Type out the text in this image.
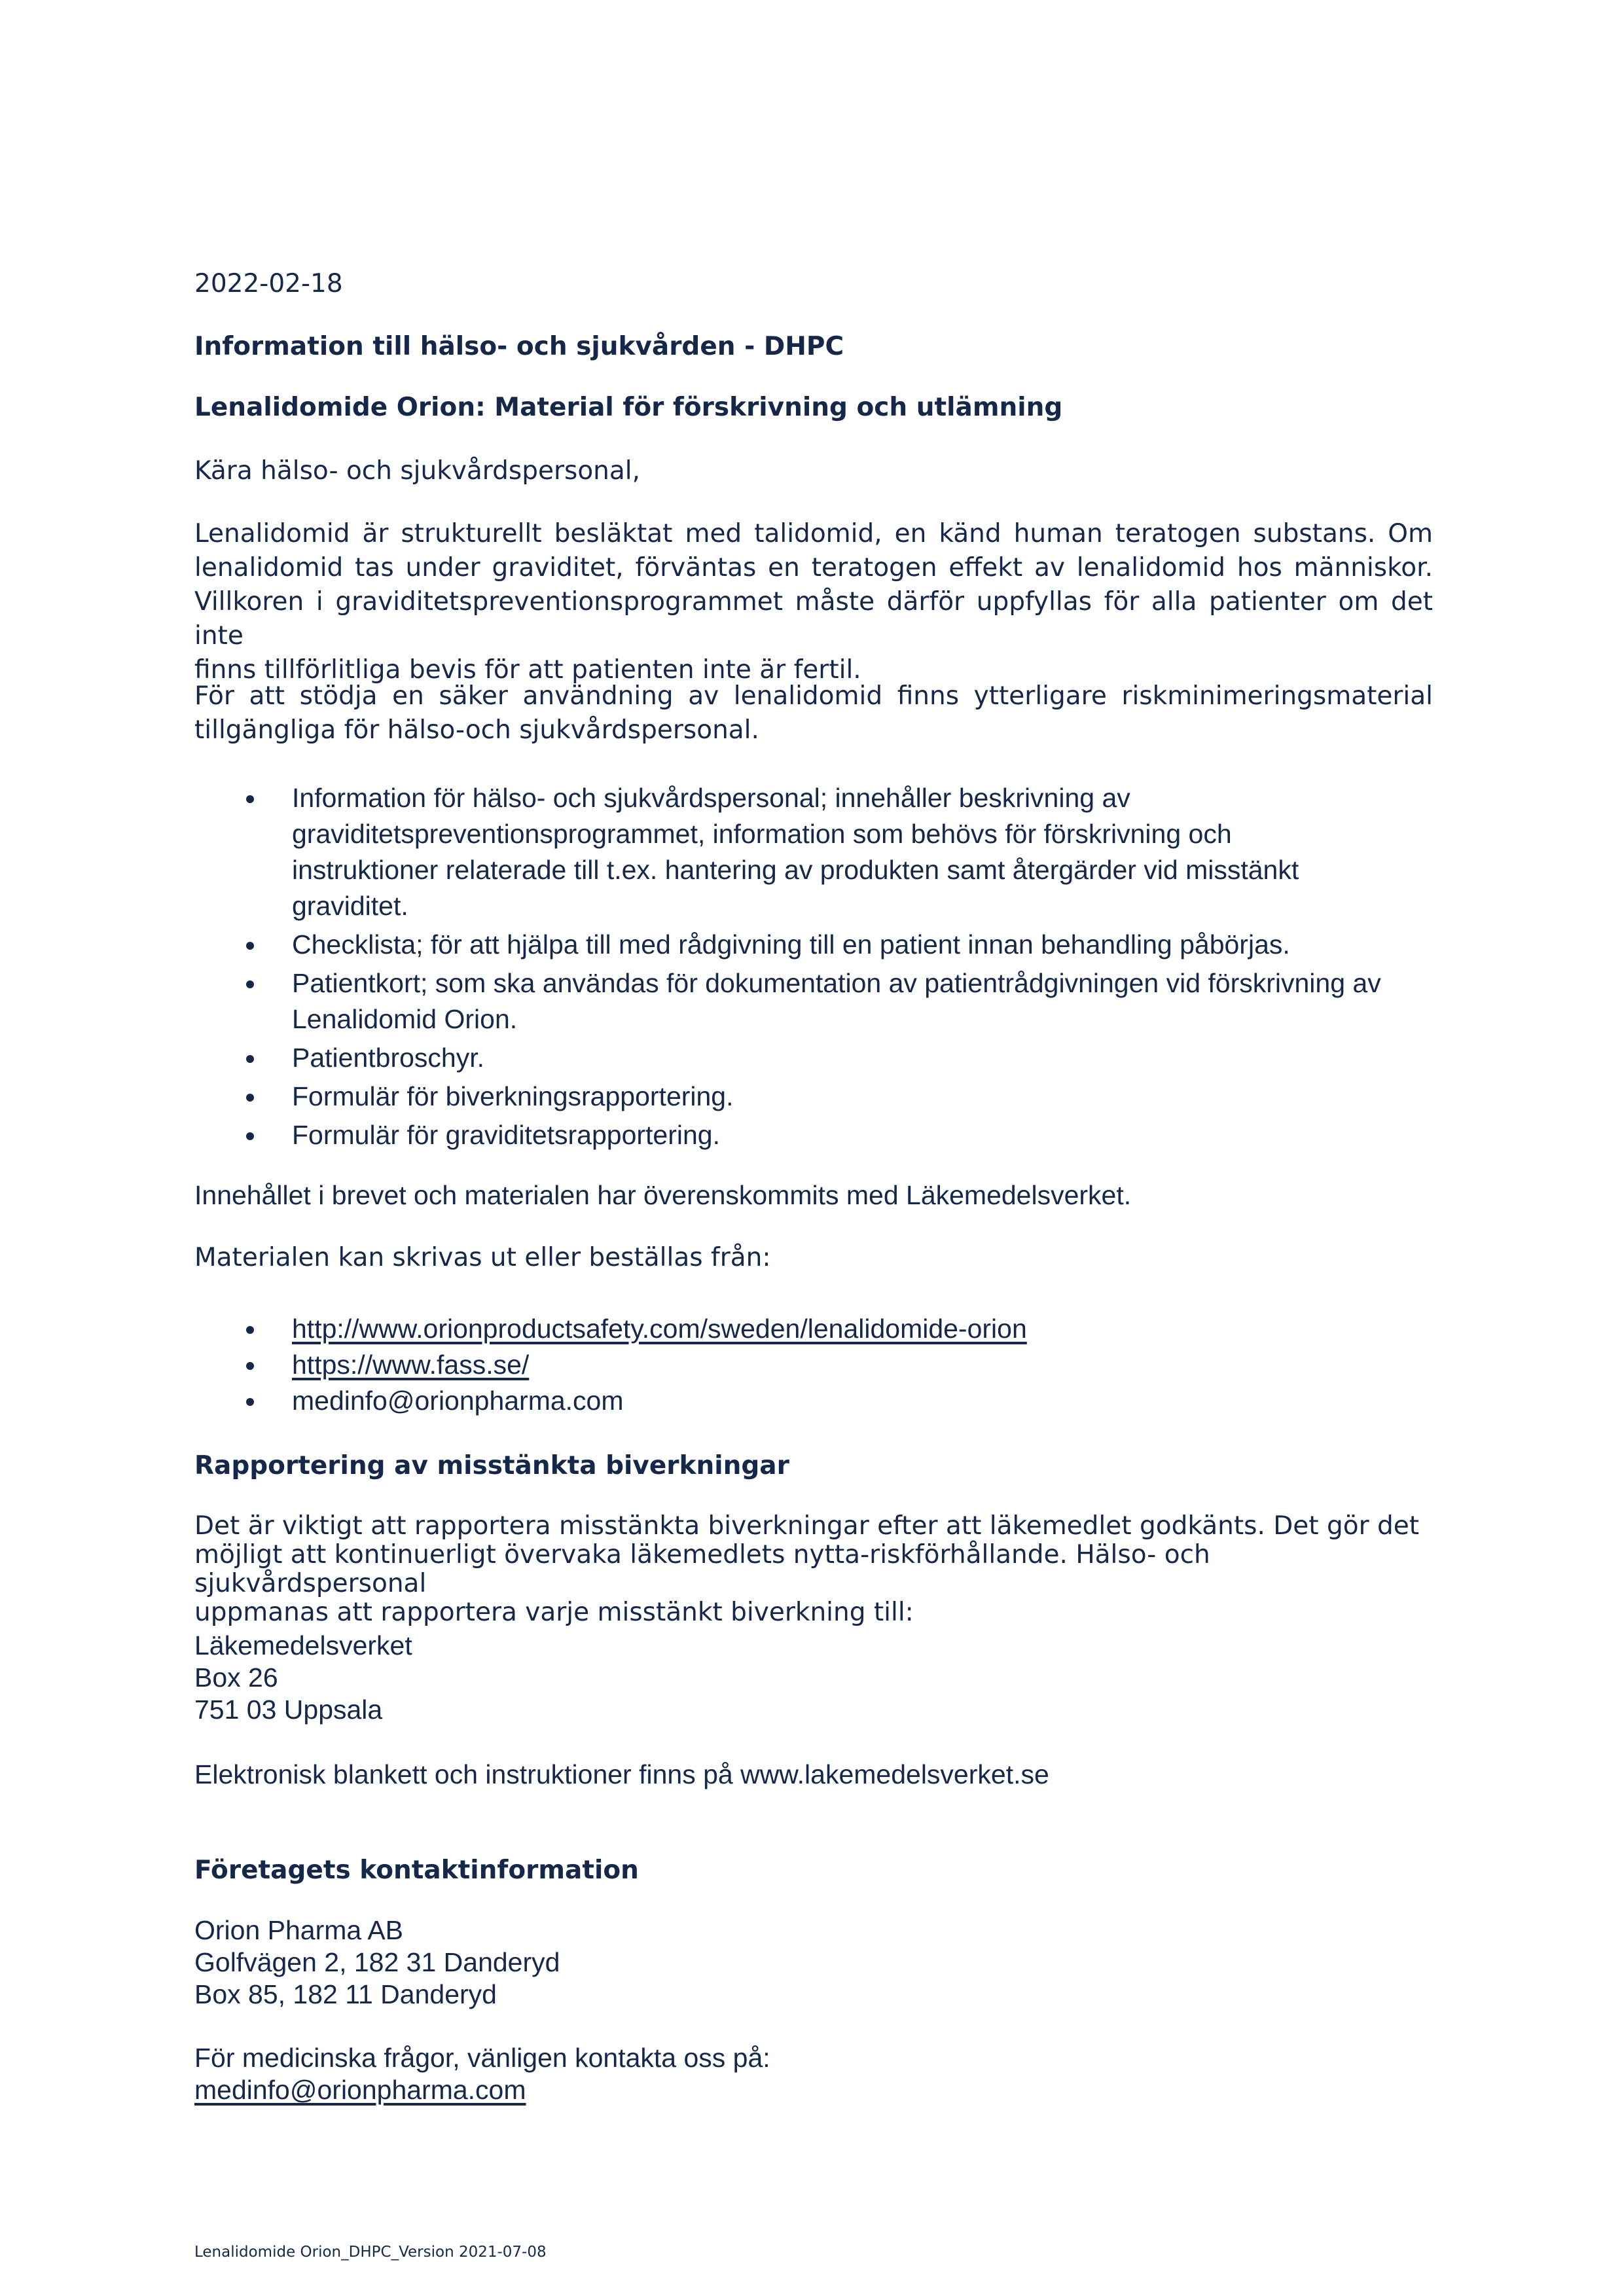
2022-02-18

Information till hälso- och sjukvården - DHPC

Lenalidomide Orion: Material för förskrivning och utlämning

Kära hälso- och sjukvårdspersonal,

Lenalidomid är strukturellt besläktat med talidomid, en känd human teratogen substans. Om
lenalidomid tas under graviditet, förväntas en teratogen effekt av lenalidomid hos människor.
Villkoren i graviditetspreventionsprogrammet måste därför uppfyllas för alla patienter om det inte
finns tillförlitliga bevis för att patienten inte är fertil.
För att stödja en säker användning av lenalidomid finns ytterligare riskminimeringsmaterial
tillgängliga för hälso-och sjukvårdspersonal.
Information för hälso- och sjukvårdspersonal; innehåller beskrivning av
graviditetspreventionsprogrammet, information som behövs för förskrivning och
instruktioner relaterade till t.ex. hantering av produkten samt återgärder vid misstänkt
graviditet.
Checklista; för att hjälpa till med rådgivning till en patient innan behandling påbörjas.
Patientkort; som ska användas för dokumentation av patientrådgivningen vid förskrivning av
Lenalidomid Orion.
Patientbroschyr.
Formulär för biverkningsrapportering.
Formulär för graviditetsrapportering.

Innehållet i brevet och materialen har överenskommits med Läkemedelsverket.

Materialen kan skrivas ut eller beställas från:

http://www.orionproductsafety.com/sweden/lenalidomide-orion
https://www.fass.se/
medinfo@orionpharma.com

Rapportering av misstänkta biverkningar

Det är viktigt att rapportera misstänkta biverkningar efter att läkemedlet godkänts. Det gör det
möjligt att kontinuerligt övervaka läkemedlets nytta-riskförhållande. Hälso- och sjukvårdspersonal
uppmanas att rapportera varje misstänkt biverkning till:
Läkemedelsverket
Box 26
751 03 Uppsala

Elektronisk blankett och instruktioner finns på www.lakemedelsverket.se

Företagets kontaktinformation

Orion Pharma AB
Golfvägen 2, 182 31 Danderyd
Box 85, 182 11 Danderyd
För medicinska frågor, vänligen kontakta oss på:
medinfo@orionpharma.com

Lenalidomide Orion_DHPC_Version 2021-07-08
